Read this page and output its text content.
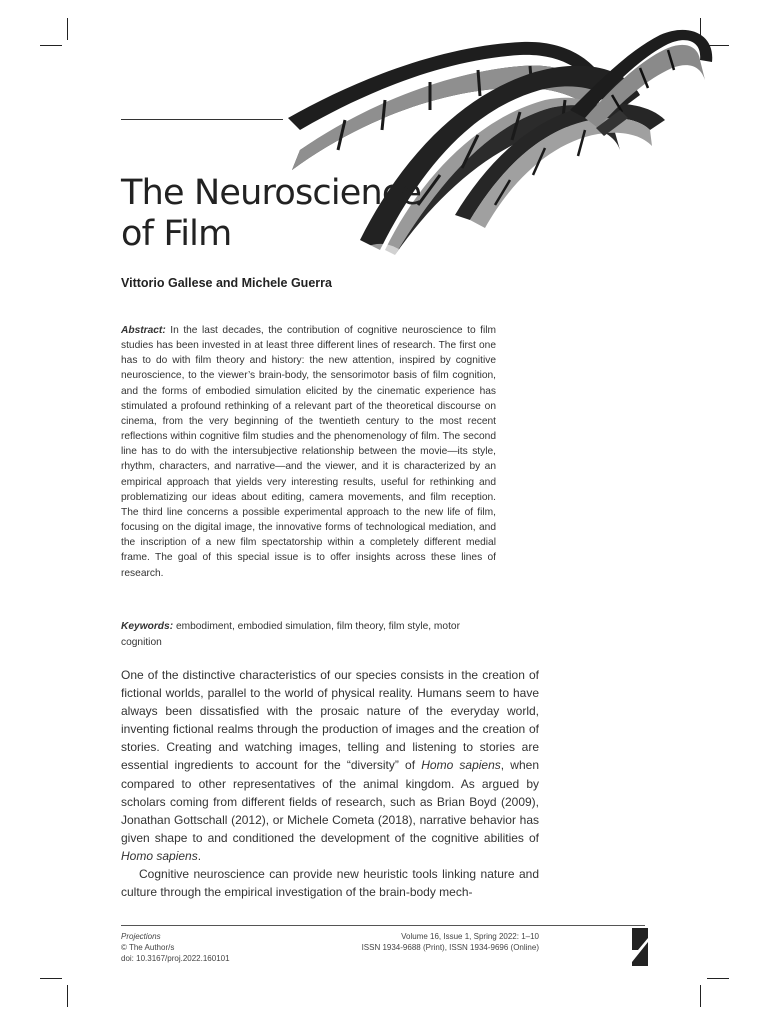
The Neuroscience
of Film
Vittorio Gallese and Michele Guerra
Abstract: In the last decades, the contribution of cognitive neuroscience to film studies has been invested in at least three different lines of research. The first one has to do with film theory and history: the new attention, inspired by cognitive neuroscience, to the viewer’s brain-body, the sensorimotor basis of film cognition, and the forms of embodied simulation elicited by the cinematic experience has stimulated a profound rethinking of a relevant part of the theoretical discourse on cinema, from the very beginning of the twentieth century to the most recent reflections within cognitive film studies and the phenomenology of film. The second line has to do with the intersubjective relationship between the movie—its style, rhythm, characters, and narrative—and the viewer, and it is characterized by an empirical approach that yields very interesting results, useful for rethinking and problematizing our ideas about editing, camera movements, and film reception. The third line concerns a possible experimental approach to the new life of film, focusing on the digital image, the innovative forms of technological mediation, and the inscription of a new film spectatorship within a completely different medial frame. The goal of this special issue is to offer insights across these lines of research.
Keywords: embodiment, embodied simulation, film theory, film style, motor cognition

One of the distinctive characteristics of our species consists in the creation of fictional worlds, parallel to the world of physical reality. Humans seem to have always been dissatisfied with the prosaic nature of the everyday world, inventing fictional realms through the production of images and the creation of stories. Creating and watching images, telling and listening to stories are essential ingredients to account for the “diversity” of Homo sapiens, when compared to other representatives of the animal kingdom. As argued by scholars coming from different fields of research, such as Brian Boyd (2009), Jonathan Gottschall (2012), or Michele Cometa (2018), narrative behavior has given shape to and conditioned the development of the cognitive abilities of Homo sapiens.

Cognitive neuroscience can provide new heuristic tools linking nature and culture through the empirical investigation of the brain-body mech-

Projections
© The Author/s
doi: 10.3167/proj.2022.160101
Volume 16, Issue 1, Spring 2022: 1–10
ISSN 1934-9688 (Print), ISSN 1934-9696 (Online)
